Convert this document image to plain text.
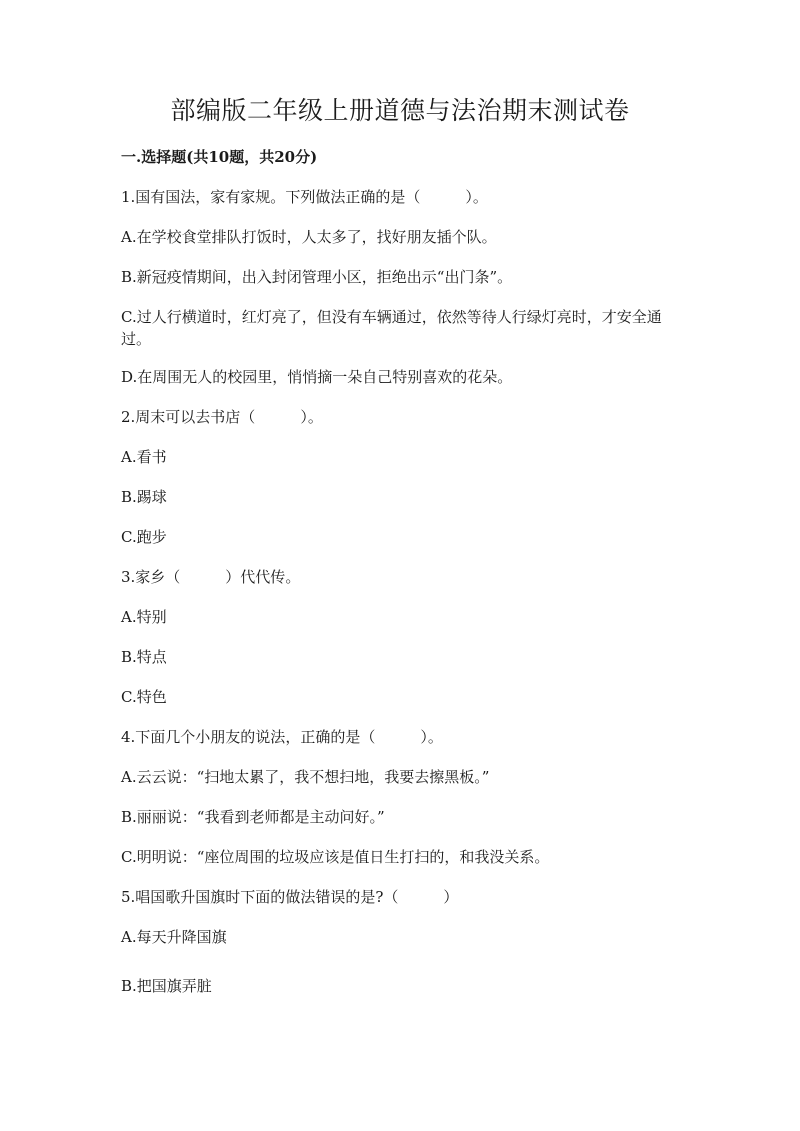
部编版二年级上册道德与法治期末测试卷
一.选择题(共10题，共20分)
1.国有国法，家有家规。下列做法正确的是（　　　）。
A.在学校食堂排队打饭时，人太多了，找好朋友插个队。
B.新冠疫情期间，出入封闭管理小区，拒绝出示“出门条”。
C.过人行横道时，红灯亮了，但没有车辆通过，依然等待人行绿灯亮时，才安全通过。
D.在周围无人的校园里，悄悄摘一朵自己特别喜欢的花朵。
2.周末可以去书店（　　　）。
A.看书
B.踢球
C.跑步
3.家乡（　　　）代代传。
A.特别
B.特点
C.特色
4.下面几个小朋友的说法，正确的是（　　　）。
A.云云说：“扫地太累了，我不想扫地，我要去擦黑板。”
B.丽丽说：“我看到老师都是主动问好。”
C.明明说：“座位周围的垃圾应该是值日生打扫的，和我没关系。
5.唱国歌升国旗时下面的做法错误的是?（　　　）
A.每天升降国旗
B.把国旗弄脏
